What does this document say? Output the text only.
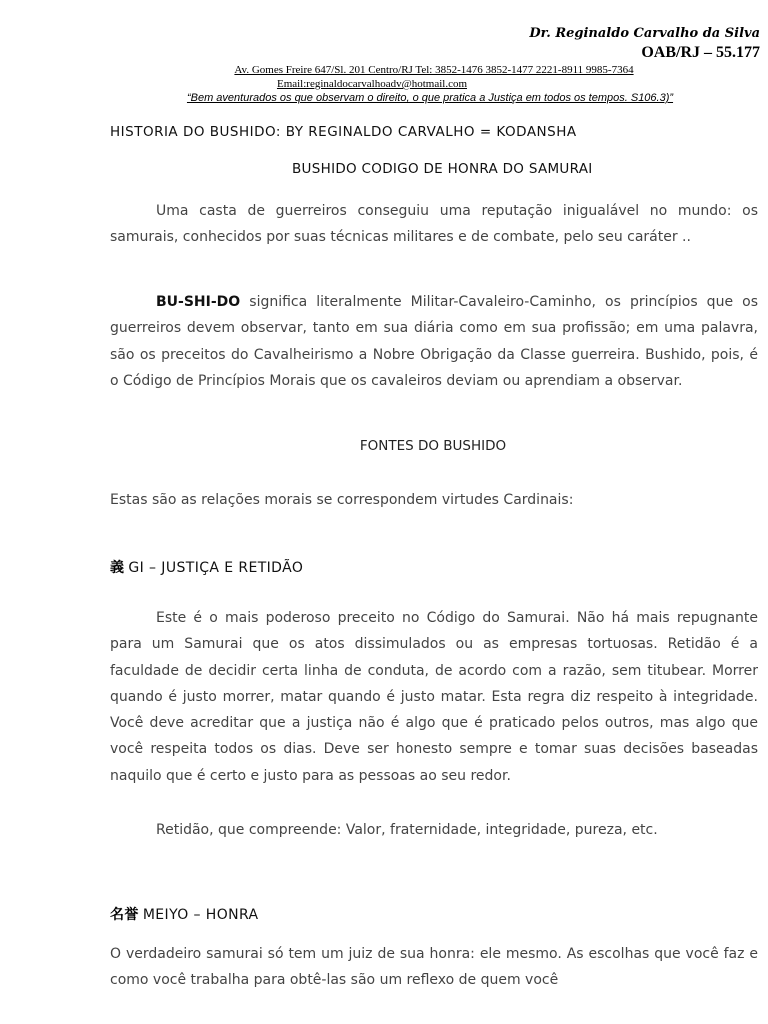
Dr. Reginaldo Carvalho da Silva
OAB/RJ – 55.177
Av. Gomes Freire 647/Sl. 201 Centro/RJ Tel: 3852-1476 3852-1477 2221-8911 9985-7364
Email:reginaldocarvalhoadv@hotmail.com
“Bem aventurados os que observam o direito, o que pratica a Justiça em todos os tempos. S106.3)”
HISTORIA DO BUSHIDO: BY REGINALDO CARVALHO = KODANSHA
BUSHIDO CODIGO DE HONRA DO SAMURAI
Uma casta de guerreiros conseguiu uma reputação inigualável no mundo: os samurais, conhecidos por suas técnicas militares e de combate, pelo seu caráter ..
BU-SHI-DO significa literalmente Militar-Cavaleiro-Caminho, os princípios que os guerreiros devem observar, tanto em sua diária como em sua profissão; em uma palavra, são os preceitos do Cavalheirismo a Nobre Obrigação da Classe guerreira. Bushido, pois, é o Código de Princípios Morais que os cavaleiros deviam ou aprendiam a observar.
FONTES DO BUSHIDO
Estas são as relações morais se correspondem virtudes Cardinais:
義 GI – JUSTIÇA E RETIDÃO
Este é o mais poderoso preceito no Código do Samurai. Não há mais repugnante para um Samurai que os atos dissimulados ou as empresas tortuosas. Retidão é a faculdade de decidir certa linha de conduta, de acordo com a razão, sem titubear. Morrer quando é justo morrer, matar quando é justo matar. Esta regra diz respeito à integridade. Você deve acreditar que a justiça não é algo que é praticado pelos outros, mas algo que você respeita todos os dias. Deve ser honesto sempre e tomar suas decisões baseadas naquilo que é certo e justo para as pessoas ao seu redor.
Retidão, que compreende: Valor, fraternidade, integridade, pureza, etc.
名誉 MEIYO – HONRA
O verdadeiro samurai só tem um juiz de sua honra: ele mesmo. As escolhas que você faz e como você trabalha para obtê-las são um reflexo de quem você
